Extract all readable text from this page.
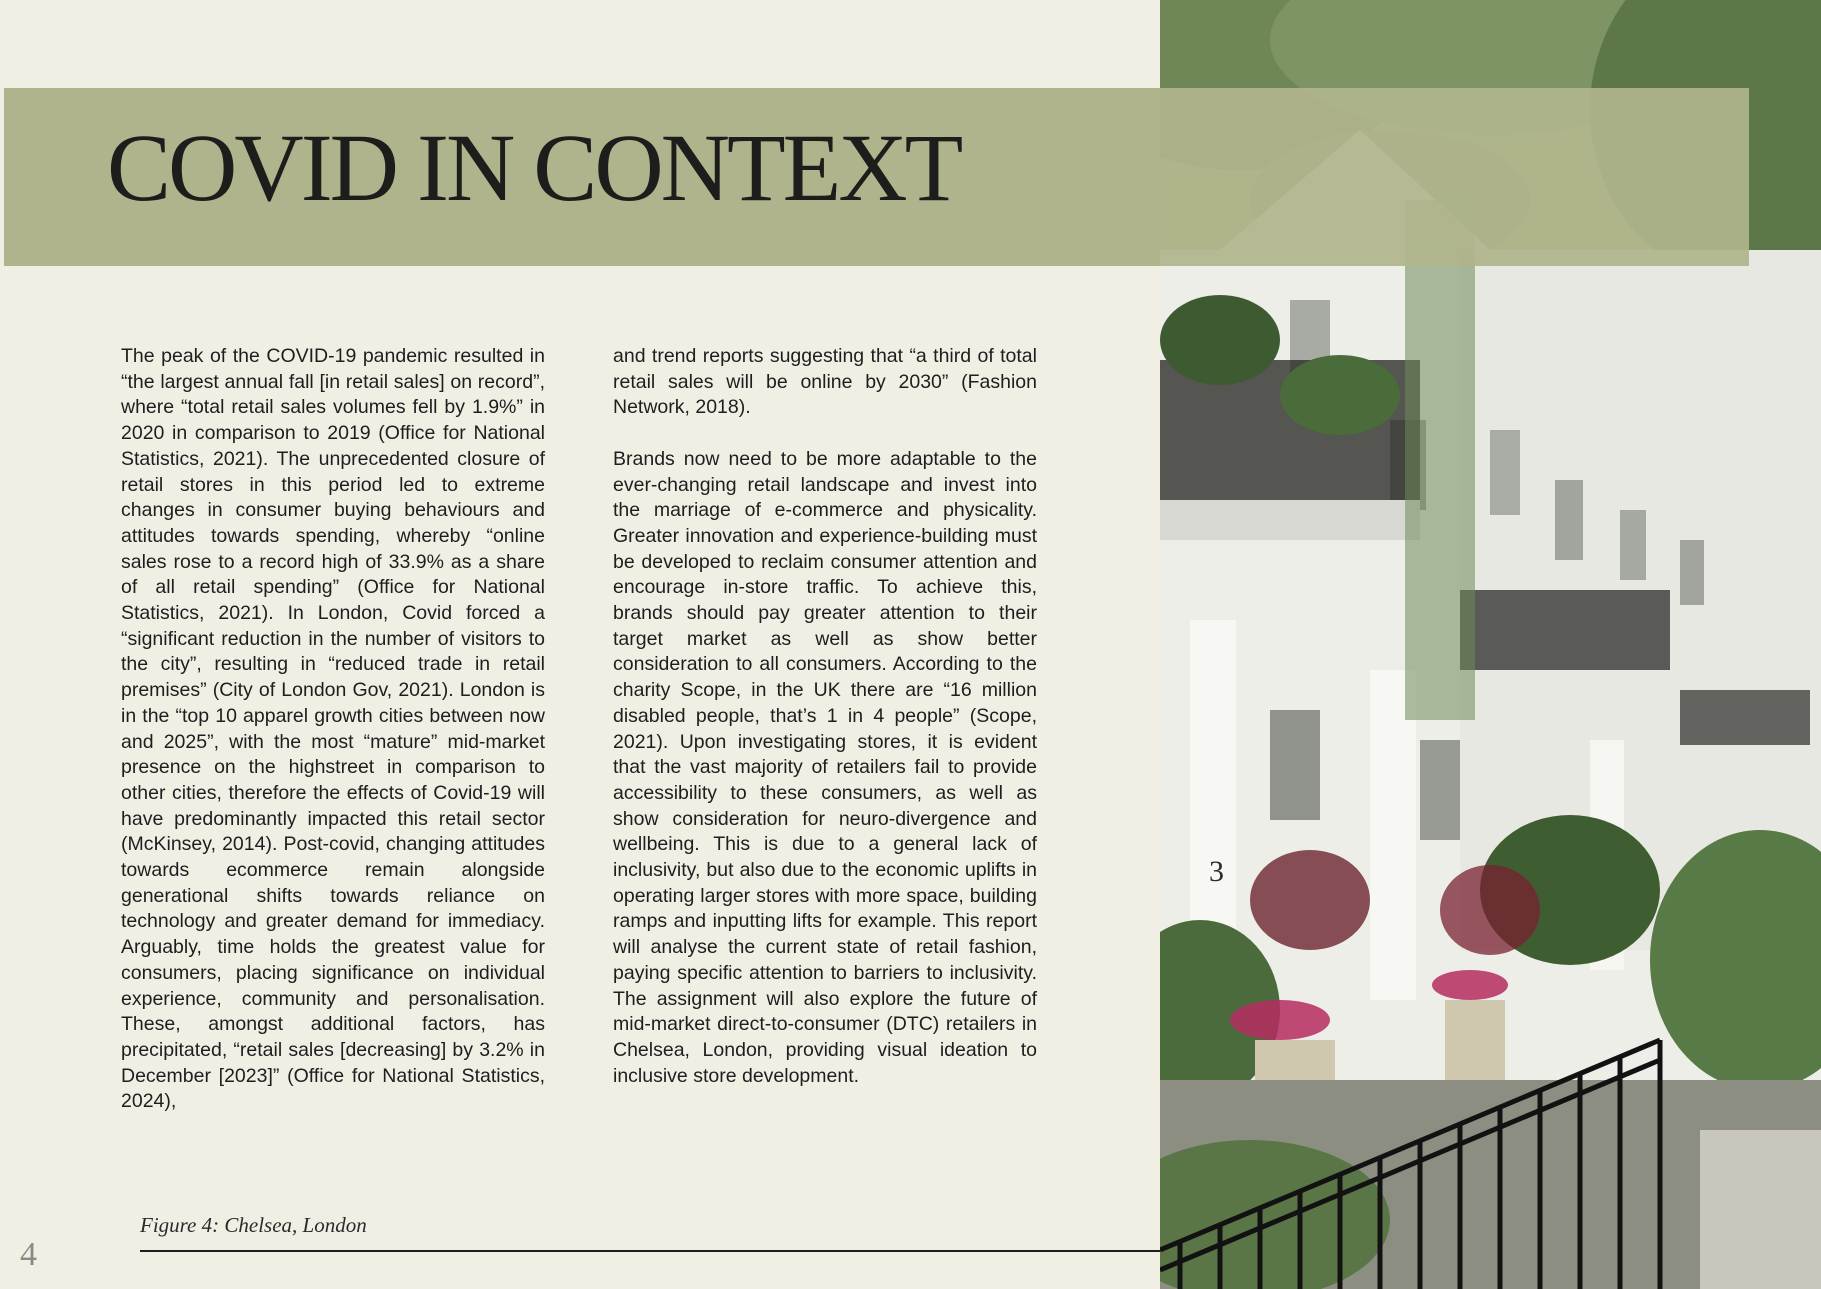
COVID IN CONTEXT

The peak of the COVID-19 pandemic resulted in “the largest annual fall [in retail sales] on record”, where “total retail sales volumes fell by 1.9%” in 2020 in comparison to 2019 (Office for National Statistics, 2021). The unprecedented closure of retail stores in this period led to extreme changes in consumer buying behaviours and attitudes towards spending, whereby “online sales rose to a record high of 33.9% as a share of all retail spending” (Office for National Statistics, 2021). In London, Covid forced a “significant reduction in the number of visitors to the city”, resulting in “reduced trade in retail premises” (City of London Gov, 2021). London is in the “top 10 apparel growth cities between now and 2025”, with the most “mature” mid-market presence on the highstreet in comparison to other cities, therefore the effects of Covid-19 will have predominantly impacted this retail sector (McKinsey, 2014). Post-covid, changing attitudes towards ecommerce remain alongside generational shifts towards reliance on technology and greater demand for immediacy. Arguably, time holds the greatest value for consumers, placing significance on individual experience, community and personalisation. These, amongst additional factors, has precipitated, “retail sales [decreasing] by 3.2% in December [2023]” (Office for National Statistics, 2024),

and trend reports suggesting that “a third of total retail sales will be online by 2030” (Fashion Network, 2018).

Brands now need to be more adaptable to the ever-changing retail landscape and invest into the marriage of e-commerce and physicality. Greater innovation and experience-building must be developed to reclaim consumer attention and encourage in-store traffic. To achieve this, brands should pay greater attention to their target market as well as show better consideration to all consumers. According to the charity Scope, in the UK there are “16 million disabled people, that’s 1 in 4 people” (Scope, 2021). Upon investigating stores, it is evident that the vast majority of retailers fail to provide accessibility to these consumers, as well as show consideration for neuro-divergence and wellbeing. This is due to a general lack of inclusivity, but also due to the economic uplifts in operating larger stores with more space, building ramps and inputting lifts for example. This report will analyse the current state of retail fashion, paying specific attention to barriers to inclusivity. The assignment will also explore the future of mid-market direct-to-consumer (DTC) retailers in Chelsea, London, providing visual ideation to inclusive store development.

Figure 4: Chelsea, London
4
3
